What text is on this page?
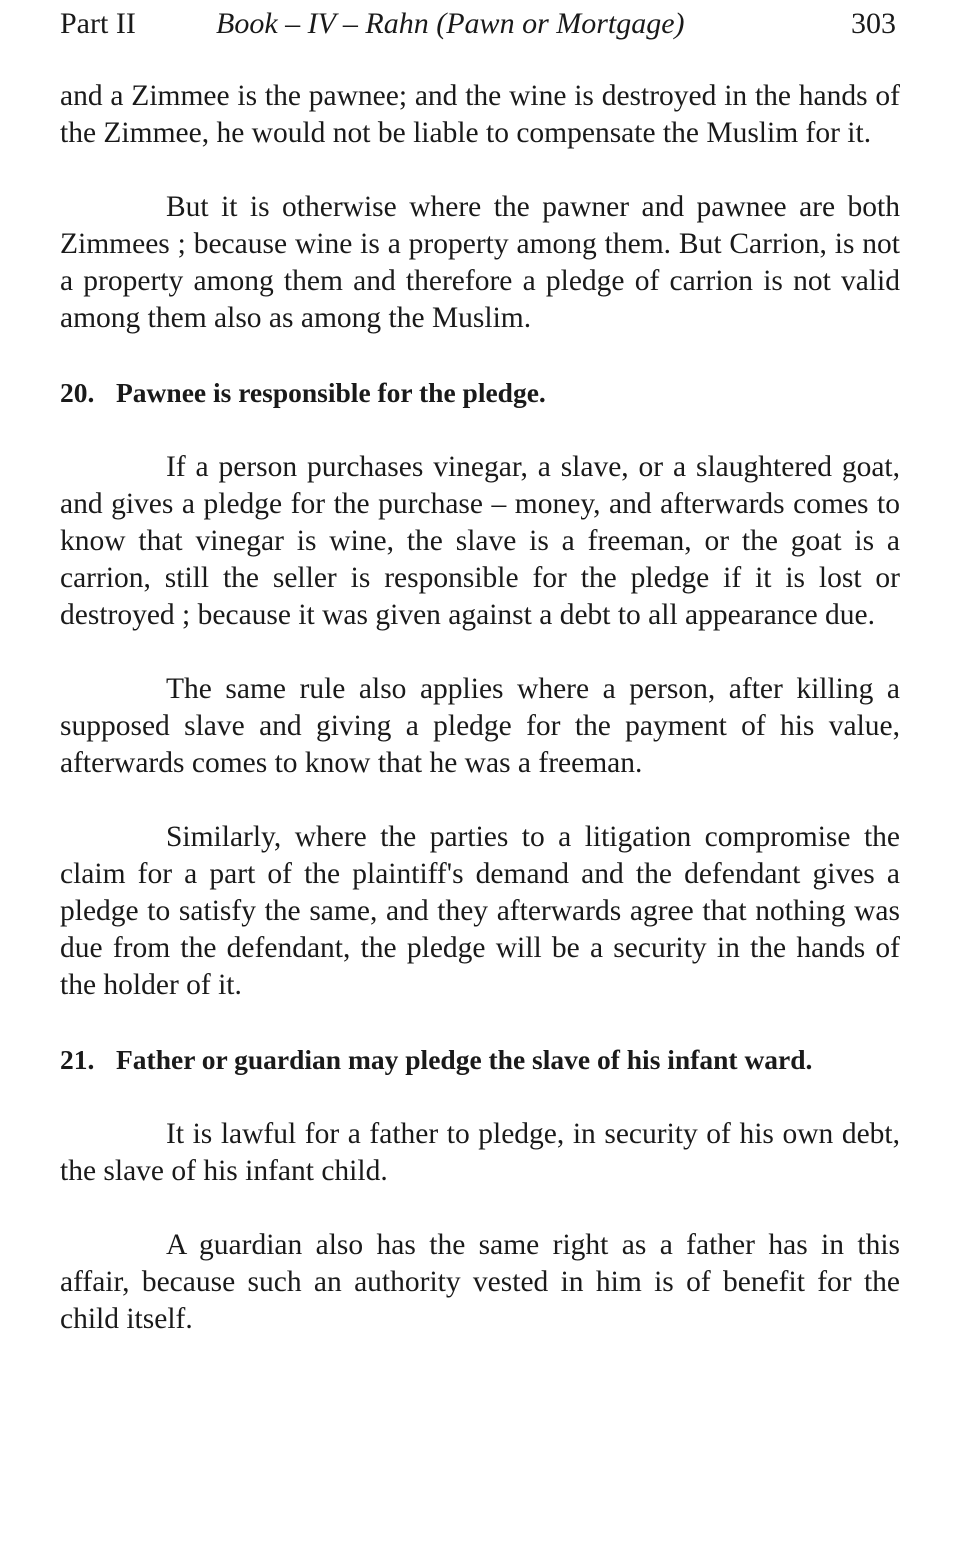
Part II	Book – IV – Rahn (Pawn or Mortgage)	303

and a Zimmee is the pawnee; and the wine is destroyed in the hands of the Zimmee, he would not be liable to compensate the Muslim for it.

But it is otherwise where the pawner and pawnee are both Zimmees ; because wine is a property among them. But Carrion, is not a property among them and therefore a pledge of carrion is not valid among them also as among the Muslim.

20. Pawnee is responsible for the pledge.

If a person purchases vinegar, a slave, or a slaughtered goat, and gives a pledge for the purchase – money, and afterwards comes to know that vinegar is wine, the slave is a freeman, or the goat is a carrion, still the seller is responsible for the pledge if it is lost or destroyed ; because it was given against a debt to all appearance due.

The same rule also applies where a person, after killing a supposed slave and giving a pledge for the payment of his value, afterwards comes to know that he was a freeman.

Similarly, where the parties to a litigation compromise the claim for a part of the plaintiff's demand and the defendant gives a pledge to satisfy the same, and they afterwards agree that nothing was due from the defendant, the pledge will be a security in the hands of the holder of it.

21. Father or guardian may pledge the slave of his infant ward.

It is lawful for a father to pledge, in security of his own debt, the slave of his infant child.

A guardian also has the same right as a father has in this affair, because such an authority vested in him is of benefit for the child itself.
